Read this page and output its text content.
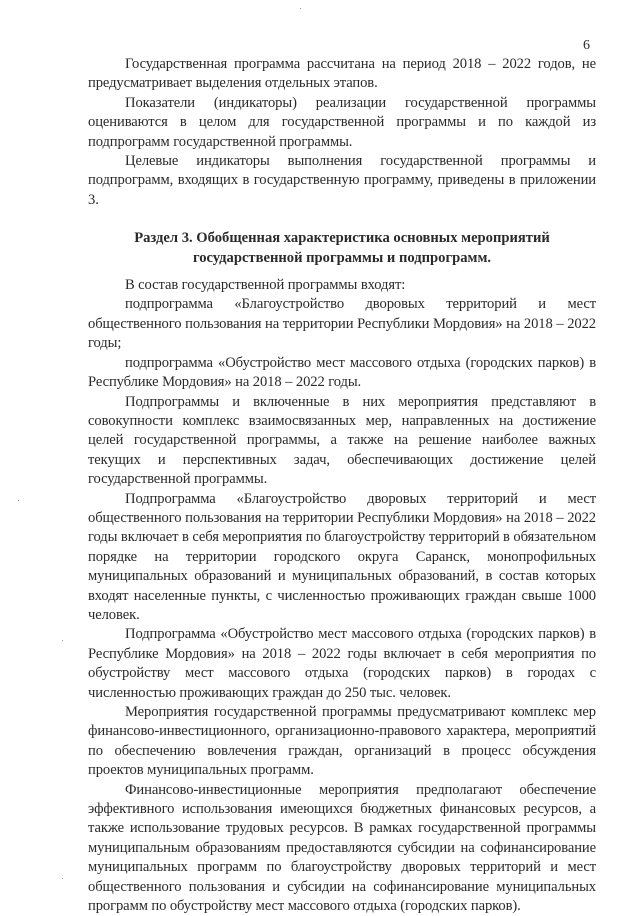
6

Государственная программа рассчитана на период 2018 – 2022 годов, не предусматривает выделения отдельных этапов.

Показатели (индикаторы) реализации государственной программы оцениваются в целом для государственной программы и по каждой из подпрограмм государственной программы.

Целевые индикаторы выполнения государственной программы и подпрограмм, входящих в государственную программу, приведены в приложении 3.

Раздел 3. Обобщенная характеристика основных мероприятий
государственной программы и подпрограмм.

В состав государственной программы входят:

подпрограмма «Благоустройство дворовых территорий и мест общественного пользования на территории Республики Мордовия» на 2018 – 2022 годы;

подпрограмма «Обустройство мест массового отдыха (городских парков) в Республике Мордовия» на 2018 – 2022 годы.

Подпрограммы и включенные в них мероприятия представляют в совокупности комплекс взаимосвязанных мер, направленных на достижение целей государственной программы, а также на решение наиболее важных текущих и перспективных задач, обеспечивающих достижение целей государственной программы.

Подпрограмма «Благоустройство дворовых территорий и мест общественного пользования на территории Республики Мордовия» на 2018 – 2022 годы включает в себя мероприятия по благоустройству территорий в обязательном порядке на территории городского округа Саранск, монопрофильных муниципальных образований и муниципальных образований, в состав которых входят населенные пункты, с численностью проживающих граждан свыше 1000 человек.

Подпрограмма «Обустройство мест массового отдыха (городских парков) в Республике Мордовия» на 2018 – 2022 годы включает в себя мероприятия по обустройству мест массового отдыха (городских парков) в городах с численностью проживающих граждан до 250 тыс. человек.

Мероприятия государственной программы предусматривают комплекс мер финансово-инвестиционного, организационно-правового характера, мероприятий по обеспечению вовлечения граждан, организаций в процесс обсуждения проектов муниципальных программ.

Финансово-инвестиционные мероприятия предполагают обеспечение эффективного использования имеющихся бюджетных финансовых ресурсов, а также использование трудовых ресурсов. В рамках государственной программы муниципальным образованиям предоставляются субсидии на софинансирование муниципальных программ по благоустройству дворовых территорий и мест общественного пользования и субсидии на софинансирование муниципальных программ по обустройству мест массового отдыха (городских парков).
